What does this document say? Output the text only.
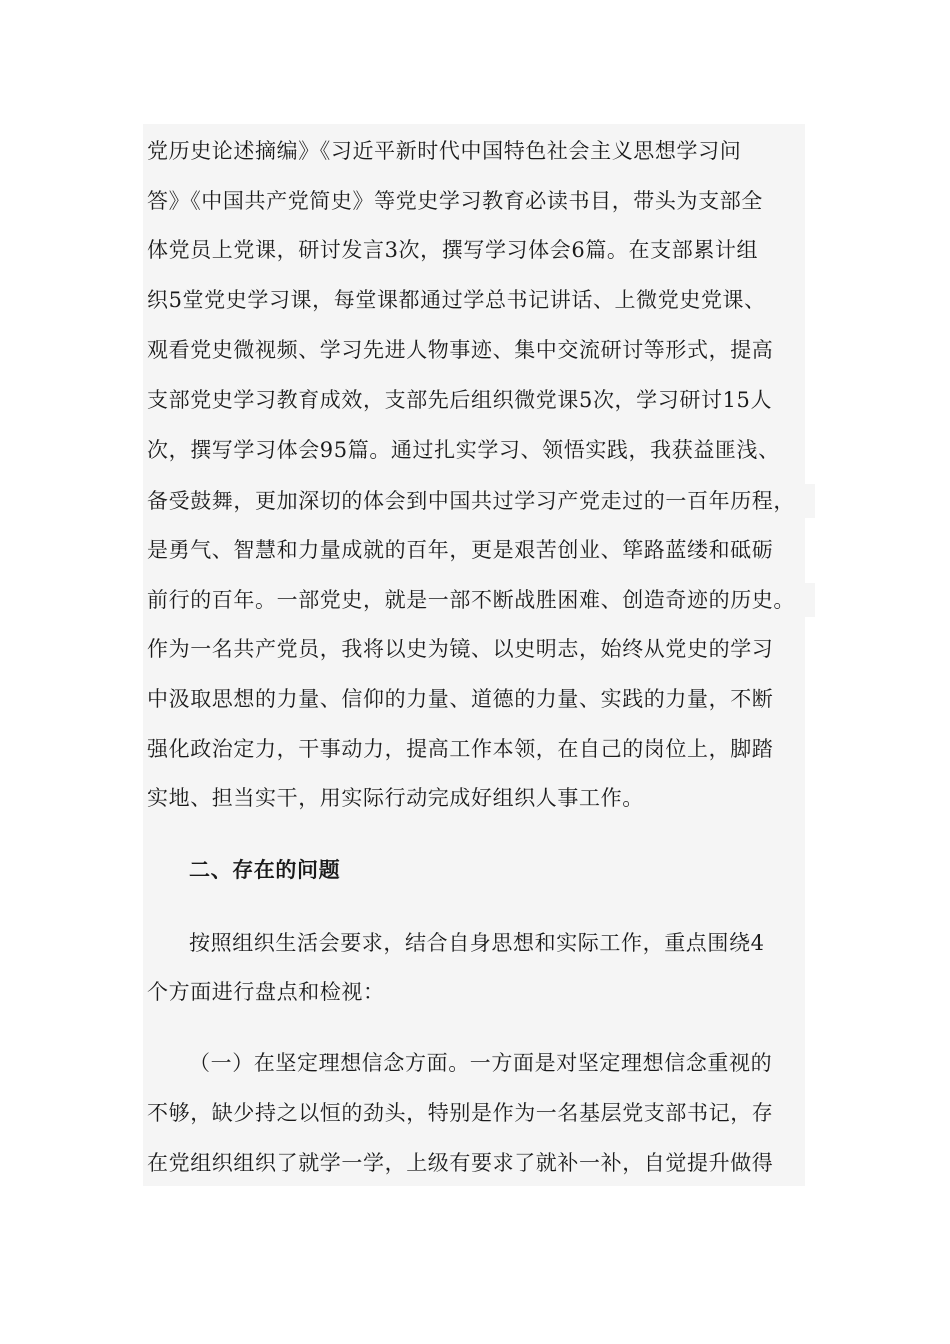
党历史论述摘编》《习近平新时代中国特色社会主义思想学习问
答》《中国共产党简史》等党史学习教育必读书目，带头为支部全
体党员上党课，研讨发言3次，撰写学习体会6篇。在支部累计组
织5堂党史学习课，每堂课都通过学总书记讲话、上微党史党课、
观看党史微视频、学习先进人物事迹、集中交流研讨等形式，提高
支部党史学习教育成效，支部先后组织微党课5次，学习研讨15人
次，撰写学习体会95篇。通过扎实学习、领悟实践，我获益匪浅、
备受鼓舞，更加深切的体会到中国共过学习产党走过的一百年历程，
是勇气、智慧和力量成就的百年，更是艰苦创业、筚路蓝缕和砥砺
前行的百年。一部党史，就是一部不断战胜困难、创造奇迹的历史。
作为一名共产党员，我将以史为镜、以史明志，始终从党史的学习
中汲取思想的力量、信仰的力量、道德的力量、实践的力量，不断
强化政治定力，干事动力，提高工作本领，在自己的岗位上，脚踏
实地、担当实干，用实际行动完成好组织人事工作。
二、存在的问题
按照组织生活会要求，结合自身思想和实际工作，重点围绕4
个方面进行盘点和检视：
（一）在坚定理想信念方面。一方面是对坚定理想信念重视的
不够，缺少持之以恒的劲头，特别是作为一名基层党支部书记，存
在党组织组织了就学一学，上级有要求了就补一补，自觉提升做得
